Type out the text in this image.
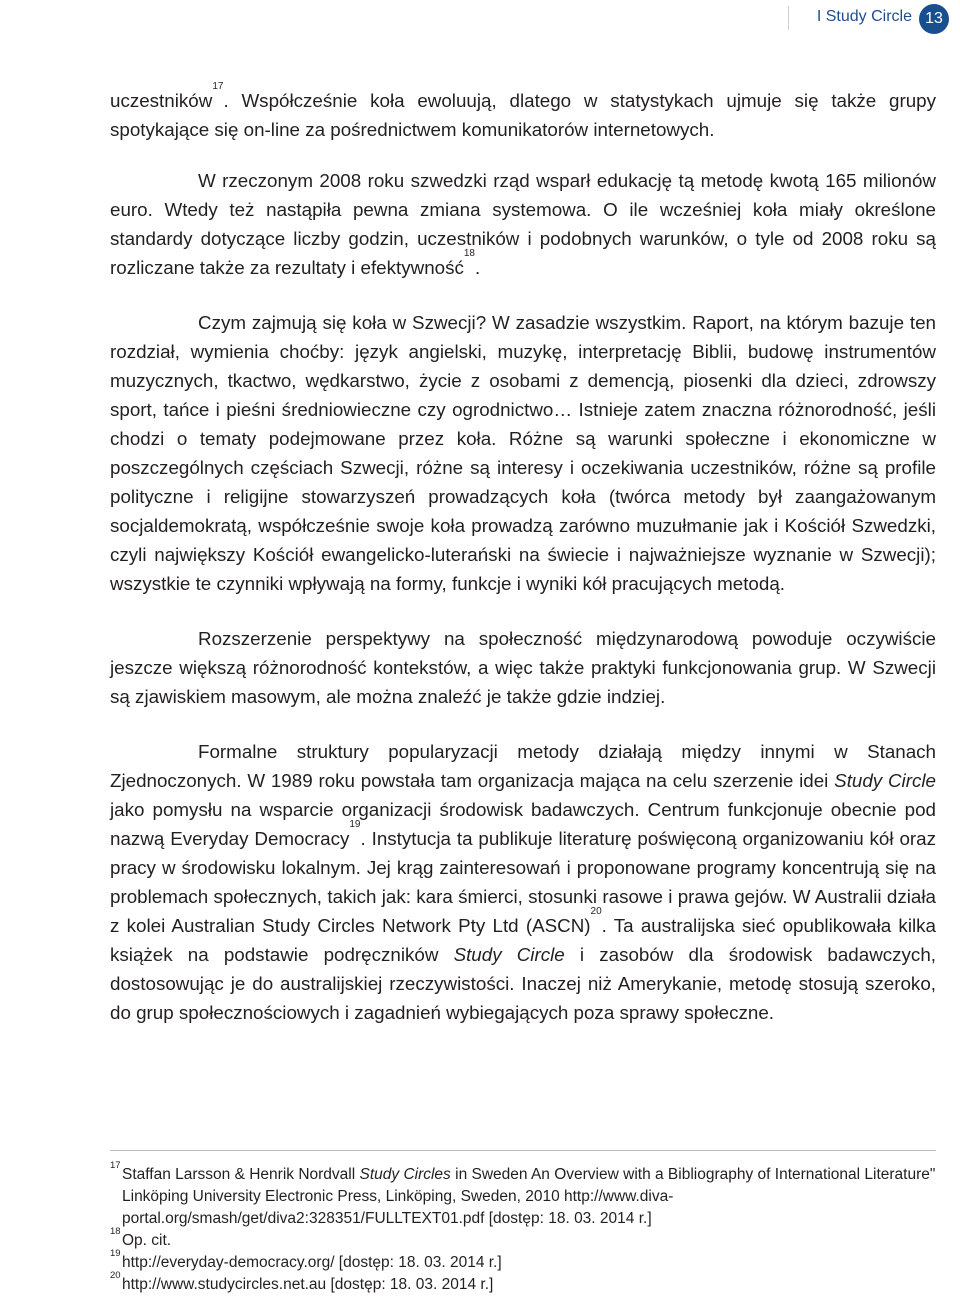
I Study Circle 13

uczestników$^{17}$. Współcześnie koła ewoluują, dlatego w statystykach ujmuje się także grupy spotykające się on-line za pośrednictwem komunikatorów internetowych.

W rzeczonym 2008 roku szwedzki rząd wsparł edukację tą metodę kwotą 165 milionów euro. Wtedy też nastąpiła pewna zmiana systemowa. O ile wcześniej koła miały określone standardy dotyczące liczby godzin, uczestników i podobnych warunków, o tyle od 2008 roku są rozliczane także za rezultaty i efektywność$^{18}$.

Czym zajmują się koła w Szwecji? W zasadzie wszystkim. Raport, na którym bazuje ten rozdział, wymienia choćby: język angielski, muzykę, interpretację Biblii, budowę instrumentów muzycznych, tkactwo, wędkarstwo, życie z osobami z demencją, piosenki dla dzieci, zdrowszy sport, tańce i pieśni średniowieczne czy ogrodnictwo… Istnieje zatem znaczna różnorodność, jeśli chodzi o tematy podejmowane przez koła. Różne są warunki społeczne i ekonomiczne w poszczególnych częściach Szwecji, różne są interesy i oczekiwania uczestników, różne są profile polityczne i religijne stowarzyszeń prowadzących koła (twórca metody był zaangażowanym socjaldemokratą, współcześnie swoje koła prowadzą zarówno muzułmanie jak i Kościół Szwedzki, czyli największy Kościół ewangelicko-luterański na świecie i najważniejsze wyznanie w Szwecji); wszystkie te czynniki wpływają na formy, funkcje i wyniki kół pracujących metodą.

Rozszerzenie perspektywy na społeczność międzynarodową powoduje oczywiście jeszcze większą różnorodność kontekstów, a więc także praktyki funkcjonowania grup. W Szwecji są zjawiskiem masowym, ale można znaleźć je także gdzie indziej.

Formalne struktury popularyzacji metody działają między innymi w Stanach Zjednoczonych. W 1989 roku powstała tam organizacja mająca na celu szerzenie idei Study Circle jako pomysłu na wsparcie organizacji środowisk badawczych. Centrum funkcjonuje obecnie pod nazwą Everyday Democracy$^{19}$. Instytucja ta publikuje literaturę poświęconą organizowaniu kół oraz pracy w środowisku lokalnym. Jej krąg zainteresowań i proponowane programy koncentrują się na problemach społecznych, takich jak: kara śmierci, stosunki rasowe i prawa gejów. W Australii działa z kolei Australian Study Circles Network Pty Ltd (ASCN)$^{20}$. Ta australijska sieć opublikowała kilka książek na podstawie podręczników Study Circle i zasobów dla środowisk badawczych, dostosowując je do australijskiej rzeczywistości. Inaczej niż Amerykanie, metodę stosują szeroko, do grup społecznościowych i zagadnień wybiegających poza sprawy społeczne.

17
Staffan Larsson & Henrik Nordvall Study Circles in Sweden An Overview with a Bibliography of International Literature" Linköping University Electronic Press, Linköping, Sweden, 2010 http://www.diva-portal.org/smash/get/diva2:328351/FULLTEXT01.pdf [dostęp: 18. 03. 2014 r.]
18
Op. cit.
19
http://everyday-democracy.org/ [dostęp: 18. 03. 2014 r.]
20
http://www.studycircles.net.au [dostęp: 18. 03. 2014 r.]
